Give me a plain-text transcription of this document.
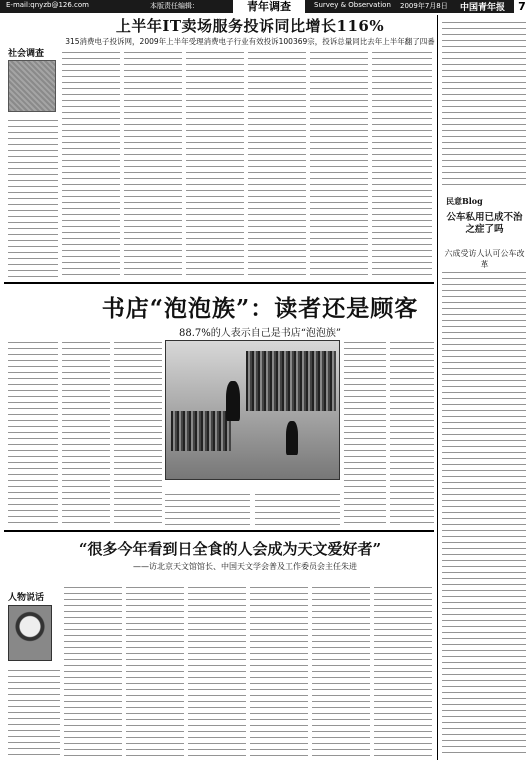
E-mail:qnyzb@126.com	本版责任编辑：	青年调查	Survey & Observation 2009年7月8日 中国青年报	7
上半年IT卖场服务投诉同比增长116%
315消费电子投诉网，2009年上半年受理消费电子行业有效投诉100369宗，投诉总量同比去年上半年翻了四番
社会调查
书店“泡泡族”：读者还是顾客
88.7%的人表示自己是书店“泡泡族”
“很多今年看到日全食的人会成为天文爱好者”
——访北京天文馆馆长、中国天文学会普及工作委员会主任朱进
人物说话
民意Blog
公车私用已成不治之症了吗
六成受访人认可公车改革
